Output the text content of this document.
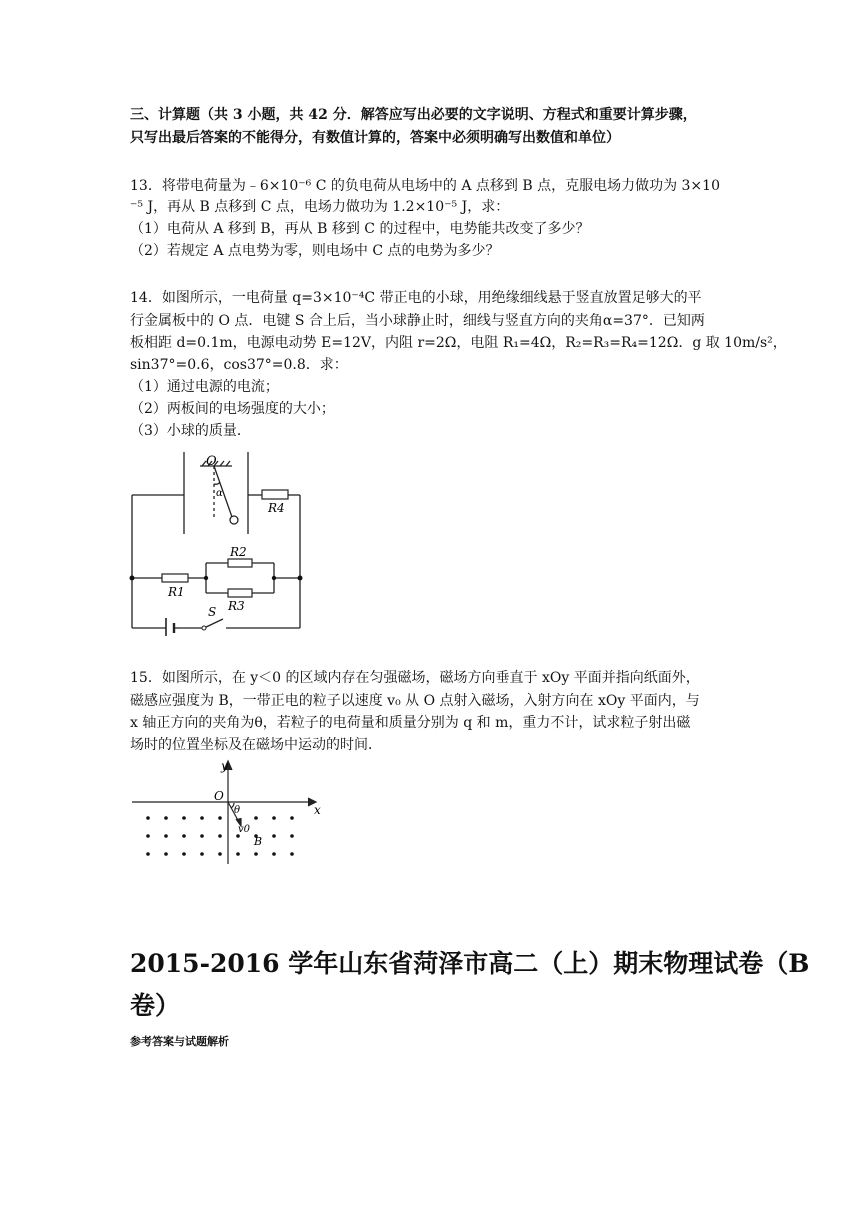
三、计算题（共 3 小题，共 42 分．解答应写出必要的文字说明、方程式和重要计算步骤，
只写出最后答案的不能得分，有数值计算的，答案中必须明确写出数值和单位）
13．将带电荷量为﹣6×10⁻⁶ C 的负电荷从电场中的 A 点移到 B 点，克服电场力做功为 3×10
⁻⁵ J，再从 B 点移到 C 点，电场力做功为 1.2×10⁻⁵ J，求：
（1）电荷从 A 移到 B，再从 B 移到 C 的过程中，电势能共改变了多少？
（2）若规定 A 点电势为零，则电场中 C 点的电势为多少？
14．如图所示，一电荷量 q=3×10⁻⁴C 带正电的小球，用绝缘细线悬于竖直放置足够大的平
行金属板中的 O 点．电键 S 合上后，当小球静止时，细线与竖直方向的夹角α=37°．已知两
板相距 d=0.1m，电源电动势 E=12V，内阻 r=2Ω，电阻 R₁=4Ω，R₂=R₃=R₄=12Ω．g 取 10m/s²，
sin37°=0.6，cos37°=0.8．求：
（1）通过电源的电流；
（2）两板间的电场强度的大小；
（3）小球的质量．
O
α
R4
R2
R1
R3
S
15．如图所示，在 y＜0 的区域内存在匀强磁场，磁场方向垂直于 xOy 平面并指向纸面外，
磁感应强度为 B，一带正电的粒子以速度 v₀ 从 O 点射入磁场，入射方向在 xOy 平面内，与
x 轴正方向的夹角为θ，若粒子的电荷量和质量分别为 q 和 m，重力不计，试求粒子射出磁
场时的位置坐标及在磁场中运动的时间．
y
x
O
θ
v0
B
2015-2016 学年山东省菏泽市高二（上）期末物理试卷（B
卷）
参考答案与试题解析
